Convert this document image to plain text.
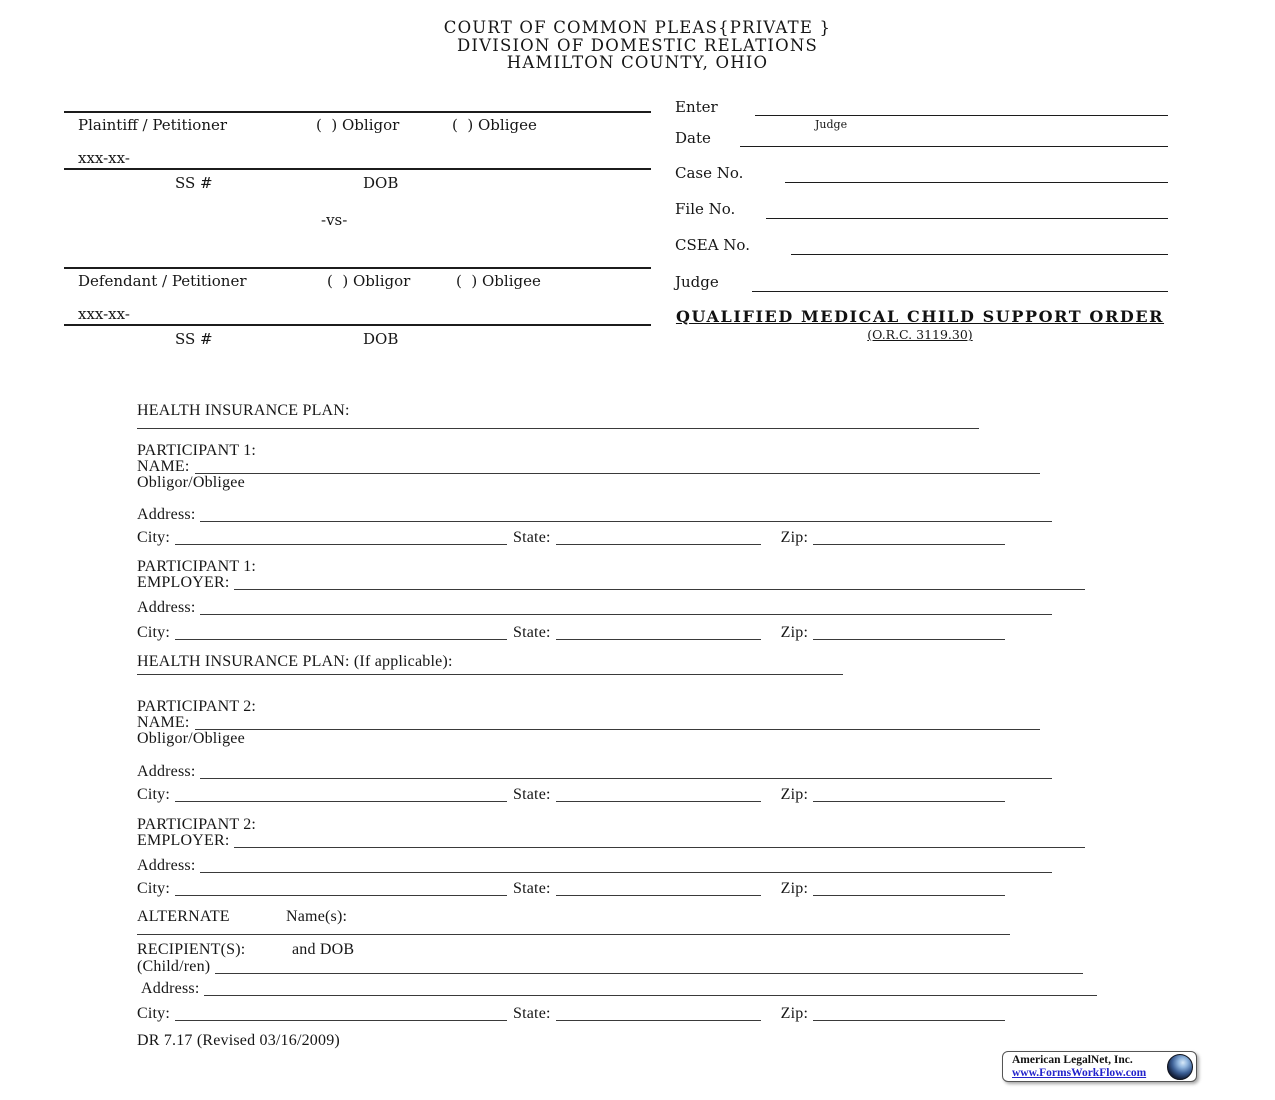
COURT OF COMMON PLEAS{PRIVATE }
DIVISION OF DOMESTIC RELATIONS
HAMILTON COUNTY, OHIO
Plaintiff / Petitioner	(  ) Obligor	(  ) Obligee
xxx-xx-
SS #	DOB
-vs-
Defendant / Petitioner	(  ) Obligor	(  ) Obligee
xxx-xx-
SS #	DOB
Enter
Judge
Date
Case No.
File No.
CSEA No.
Judge
QUALIFIED MEDICAL CHILD SUPPORT ORDER
(O.R.C. 3119.30)
HEALTH INSURANCE PLAN:
PARTICIPANT 1:
NAME:
Obligor/Obligee
Address:
City:	State:	Zip:
PARTICIPANT 1:
EMPLOYER:
Address:
City:	State:	Zip:
HEALTH INSURANCE PLAN: (If applicable):
PARTICIPANT 2:
NAME:
Obligor/Obligee
Address:
City:	State:	Zip:
PARTICIPANT 2:
EMPLOYER:
Address:
City:	State:	Zip:
ALTERNATE	Name(s):
RECIPIENT(S):	and DOB
(Child/ren)
Address:
City:	State:	Zip:
DR 7.17 (Revised 03/16/2009)
American LegalNet, Inc.
www.FormsWorkFlow.com
